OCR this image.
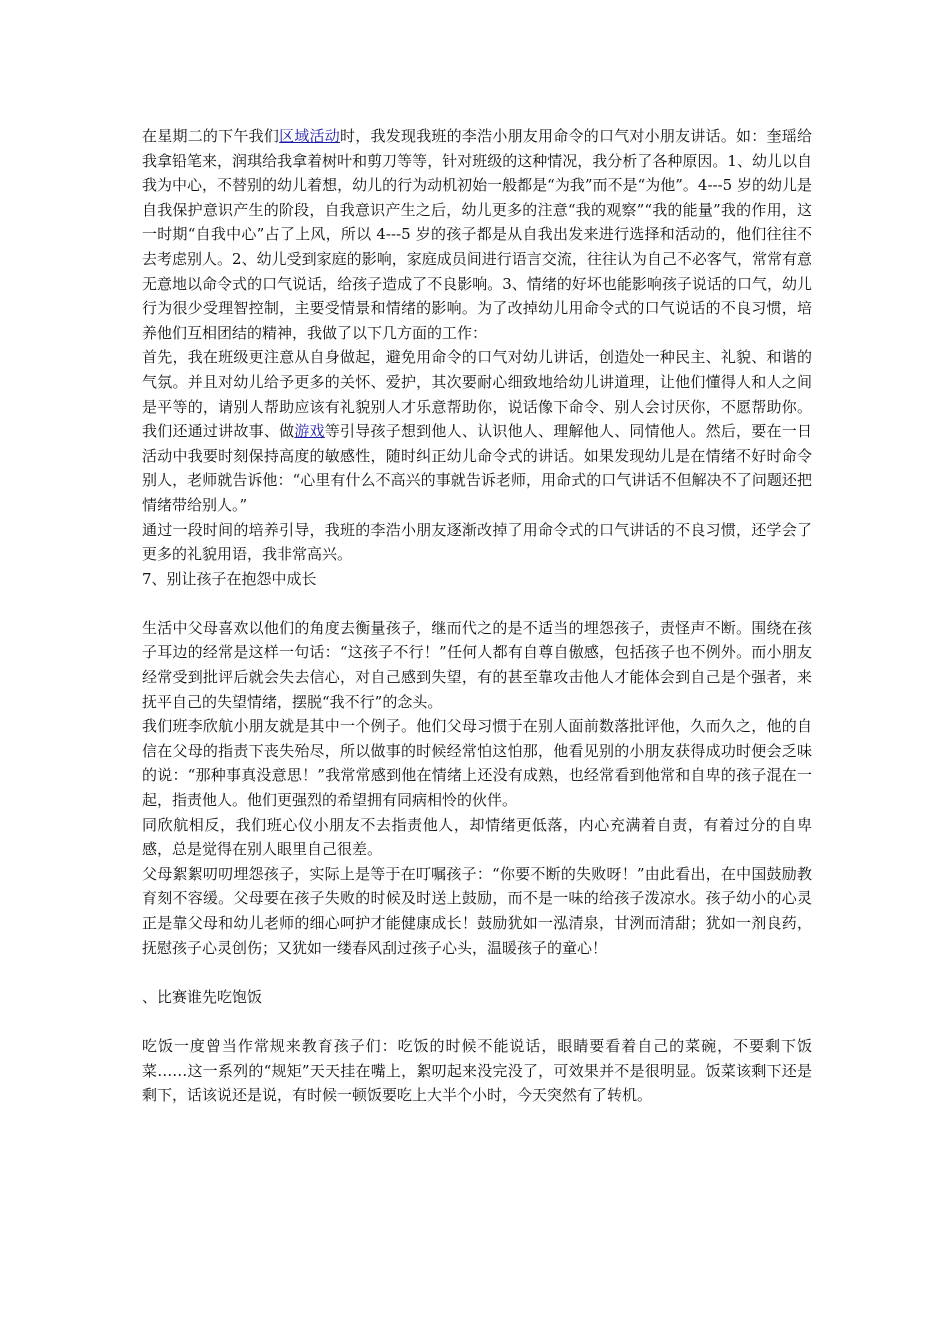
在星期二的下午我们区域活动时，我发现我班的李浩小朋友用命令的口气对小朋友讲话。如：奎瑶给我拿铅笔来，润琪给我拿着树叶和剪刀等等，针对班级的这种情况，我分析了各种原因。1、幼儿以自我为中心，不替别的幼儿着想，幼儿的行为动机初始一般都是“为我”而不是“为他”。4---5 岁的幼儿是自我保护意识产生的阶段，自我意识产生之后，幼儿更多的注意“我的观察”“我的能量”我的作用，这一时期“自我中心”占了上风，所以 4---5 岁的孩子都是从自我出发来进行选择和活动的，他们往往不去考虑别人。2、幼儿受到家庭的影响，家庭成员间进行语言交流，往往认为自己不必客气，常常有意无意地以命令式的口气说话，给孩子造成了不良影响。3、情绪的好坏也能影响孩子说话的口气，幼儿行为很少受理智控制，主要受情景和情绪的影响。为了改掉幼儿用命令式的口气说话的不良习惯，培养他们互相团结的精神，我做了以下几方面的工作：

首先，我在班级更注意从自身做起，避免用命令的口气对幼儿讲话，创造处一种民主、礼貌、和谐的气氛。并且对幼儿给予更多的关怀、爱护，其次要耐心细致地给幼儿讲道理，让他们懂得人和人之间是平等的，请别人帮助应该有礼貌别人才乐意帮助你，说话像下命令、别人会讨厌你，不愿帮助你。我们还通过讲故事、做游戏等引导孩子想到他人、认识他人、理解他人、同情他人。然后，要在一日活动中我要时刻保持高度的敏感性，随时纠正幼儿命令式的讲话。如果发现幼儿是在情绪不好时命令别人，老师就告诉他：“心里有什么不高兴的事就告诉老师，用命式的口气讲话不但解决不了问题还把情绪带给别人。”

通过一段时间的培养引导，我班的李浩小朋友逐渐改掉了用命令式的口气讲话的不良习惯，还学会了更多的礼貌用语，我非常高兴。

7、别让孩子在抱怨中成长

生活中父母喜欢以他们的角度去衡量孩子，继而代之的是不适当的埋怨孩子，责怪声不断。围绕在孩子耳边的经常是这样一句话：“这孩子不行！”任何人都有自尊自傲感，包括孩子也不例外。而小朋友经常受到批评后就会失去信心，对自己感到失望，有的甚至靠攻击他人才能体会到自己是个强者，来抚平自己的失望情绪，摆脱“我不行”的念头。

我们班李欣航小朋友就是其中一个例子。他们父母习惯于在别人面前数落批评他，久而久之，他的自信在父母的指责下丧失殆尽，所以做事的时候经常怕这怕那，他看见别的小朋友获得成功时便会乏味的说：“那种事真没意思！”我常常感到他在情绪上还没有成熟，也经常看到他常和自卑的孩子混在一起，指责他人。他们更强烈的希望拥有同病相怜的伙伴。

同欣航相反，我们班心仪小朋友不去指责他人，却情绪更低落，内心充满着自责，有着过分的自卑感，总是觉得在别人眼里自己很差。

父母絮絮叨叨埋怨孩子，实际上是等于在叮嘱孩子：“你要不断的失败呀！”由此看出，在中国鼓励教育刻不容缓。父母要在孩子失败的时候及时送上鼓励，而不是一味的给孩子泼凉水。孩子幼小的心灵正是靠父母和幼儿老师的细心呵护才能健康成长！鼓励犹如一泓清泉，甘洌而清甜；犹如一剂良药，抚慰孩子心灵创伤；又犹如一缕春风刮过孩子心头，温暖孩子的童心！

、比赛谁先吃饱饭

吃饭一度曾当作常规来教育孩子们：吃饭的时候不能说话，眼睛要看着自己的菜碗，不要剩下饭菜……这一系列的“规矩”天天挂在嘴上，絮叨起来没完没了，可效果并不是很明显。饭菜该剩下还是剩下，话该说还是说，有时候一顿饭要吃上大半个小时，今天突然有了转机。
